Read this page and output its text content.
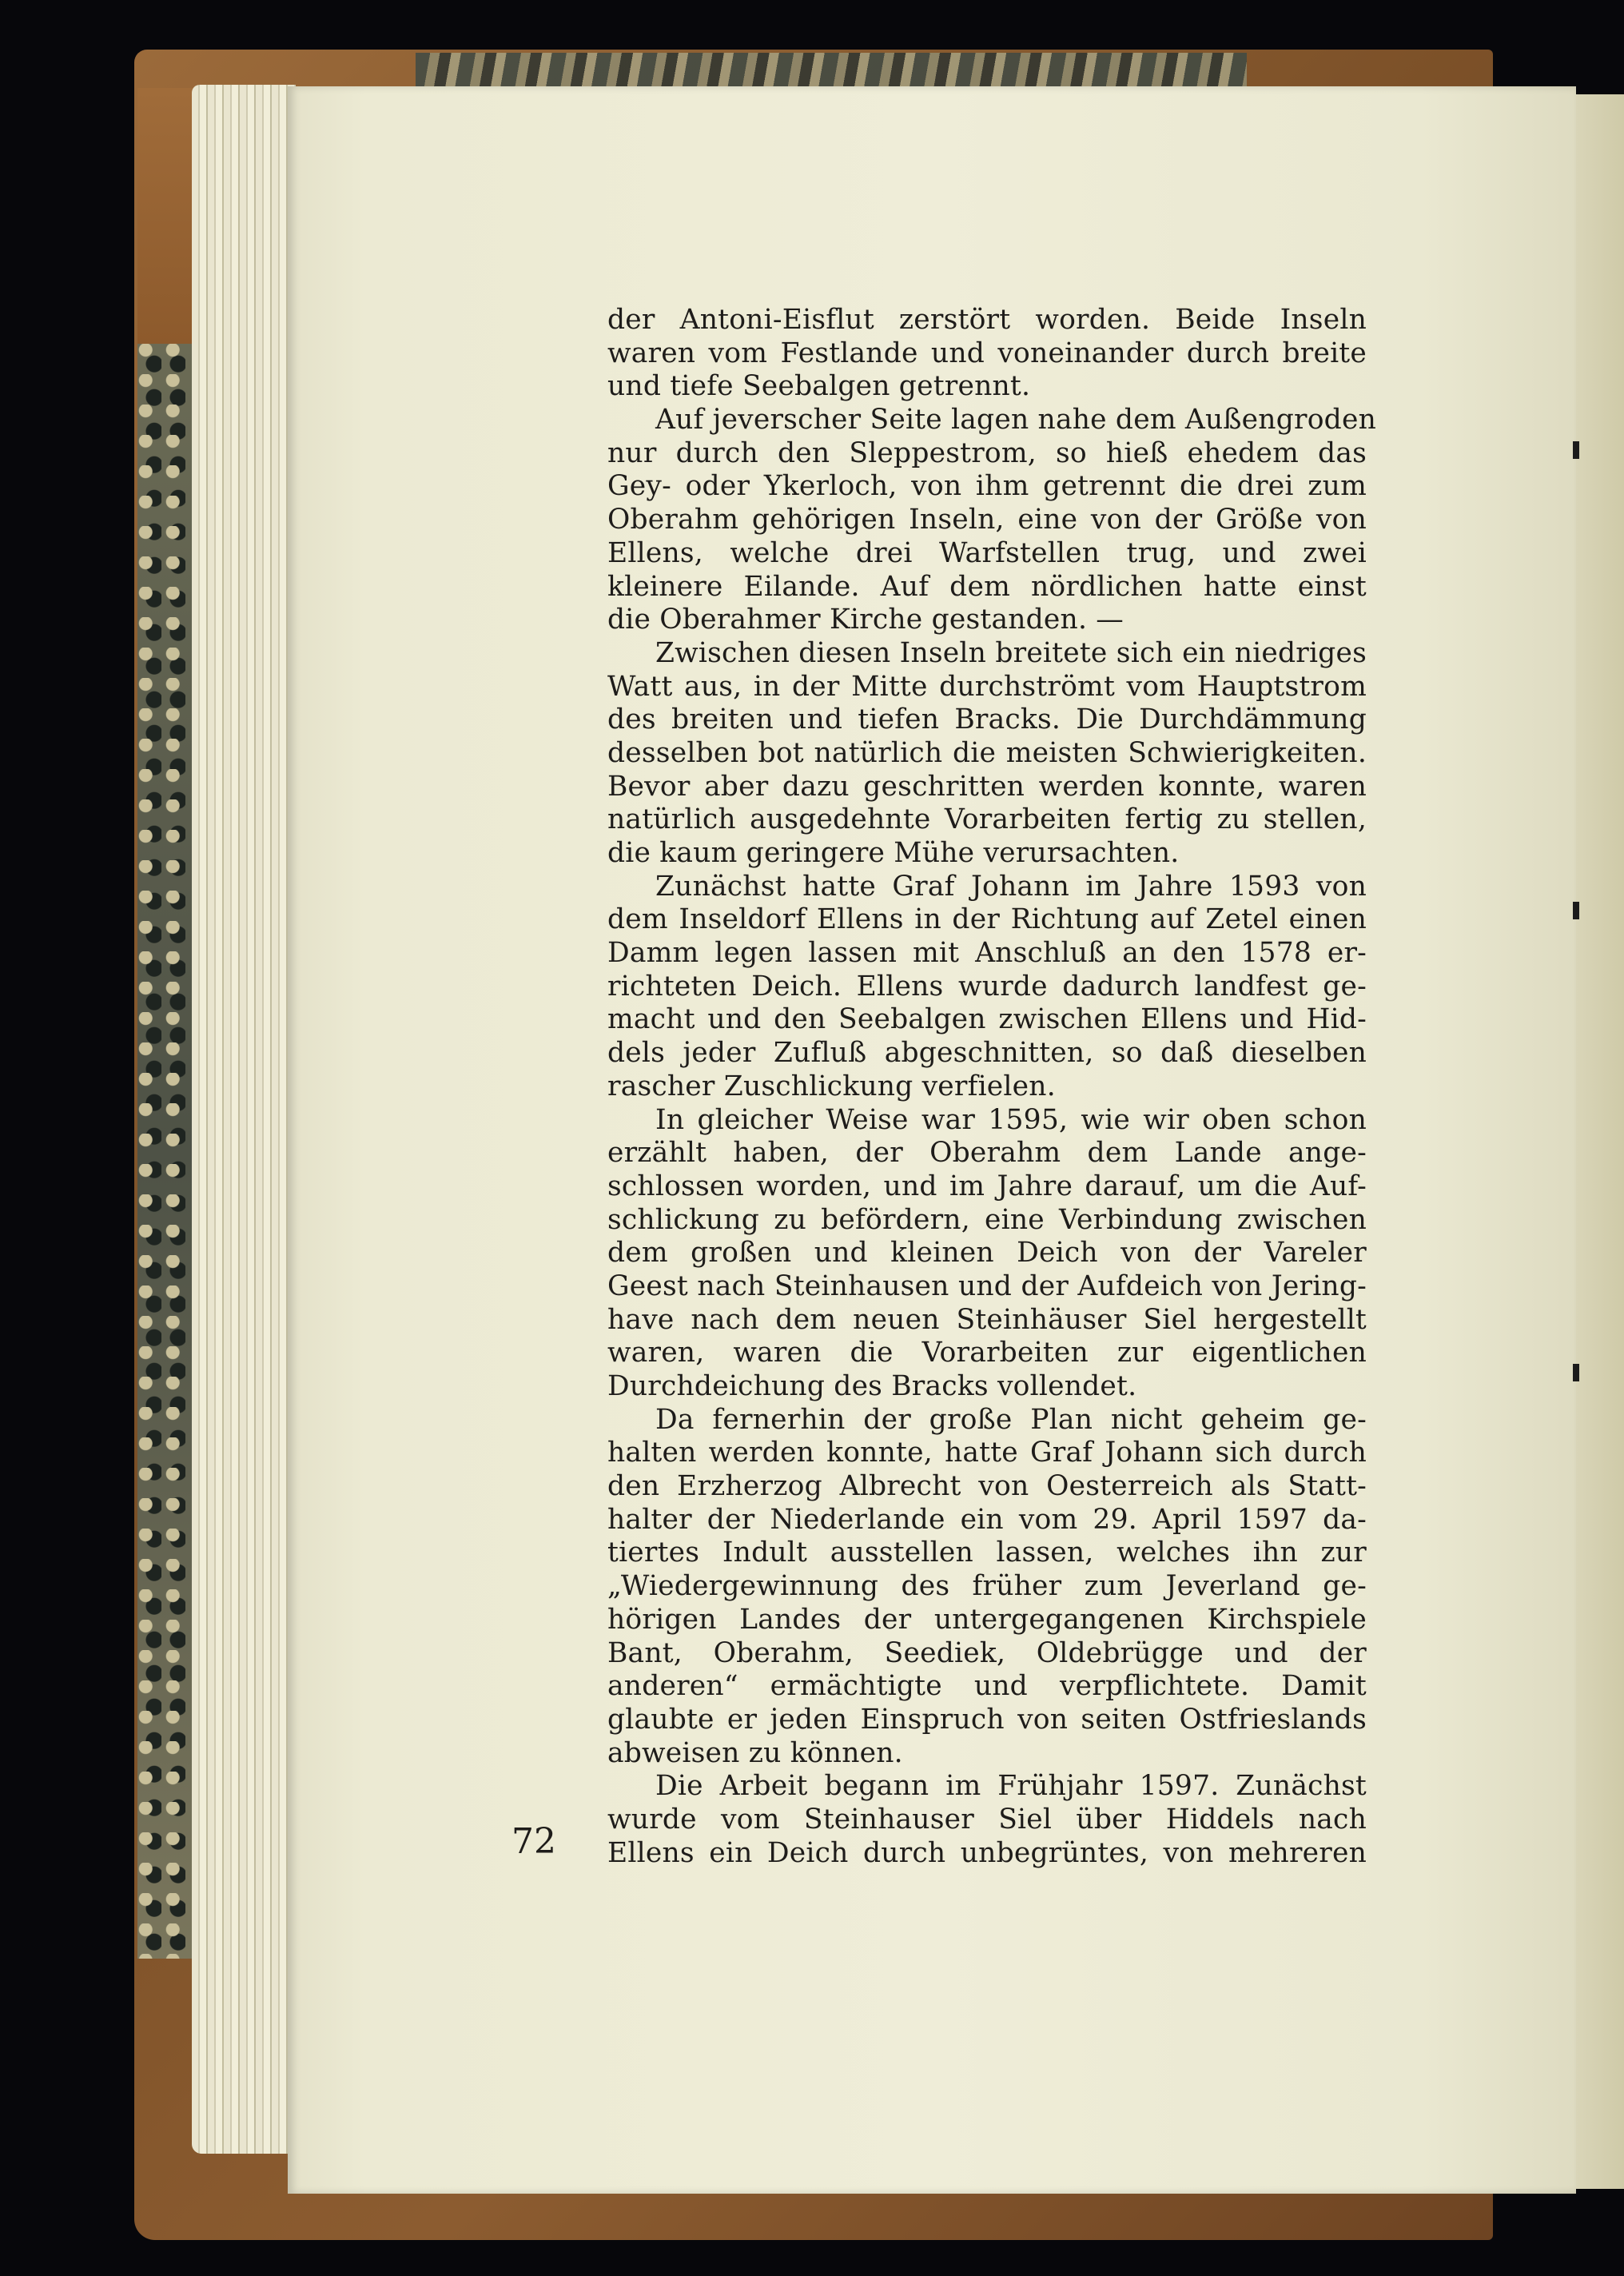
der Antoni-Eisflut zerstört worden. Beide Inseln
waren vom Festlande und voneinander durch breite
und tiefe Seebalgen getrennt.
Auf jeverscher Seite lagen nahe dem Außengroden
nur durch den Sleppestrom, so hieß ehedem das
Gey- oder Ykerloch, von ihm getrennt die drei zum
Oberahm gehörigen Inseln, eine von der Größe von
Ellens, welche drei Warfstellen trug, und zwei
kleinere Eilande. Auf dem nördlichen hatte einst
die Oberahmer Kirche gestanden. —
Zwischen diesen Inseln breitete sich ein niedriges
Watt aus, in der Mitte durchströmt vom Hauptstrom
des breiten und tiefen Bracks. Die Durchdämmung
desselben bot natürlich die meisten Schwierigkeiten.
Bevor aber dazu geschritten werden konnte, waren
natürlich ausgedehnte Vorarbeiten fertig zu stellen,
die kaum geringere Mühe verursachten.
Zunächst hatte Graf Johann im Jahre 1593 von
dem Inseldorf Ellens in der Richtung auf Zetel einen
Damm legen lassen mit Anschluß an den 1578 er-
richteten Deich. Ellens wurde dadurch landfest ge-
macht und den Seebalgen zwischen Ellens und Hid-
dels jeder Zufluß abgeschnitten, so daß dieselben
rascher Zuschlickung verfielen.
In gleicher Weise war 1595, wie wir oben schon
erzählt haben, der Oberahm dem Lande ange-
schlossen worden, und im Jahre darauf, um die Auf-
schlickung zu befördern, eine Verbindung zwischen
dem großen und kleinen Deich von der Vareler
Geest nach Steinhausen und der Aufdeich von Jering-
have nach dem neuen Steinhäuser Siel hergestellt
waren, waren die Vorarbeiten zur eigentlichen
Durchdeichung des Bracks vollendet.
Da fernerhin der große Plan nicht geheim ge-
halten werden konnte, hatte Graf Johann sich durch
den Erzherzog Albrecht von Oesterreich als Statt-
halter der Niederlande ein vom 29. April 1597 da-
tiertes Indult ausstellen lassen, welches ihn zur
„Wiedergewinnung des früher zum Jeverland ge-
hörigen Landes der untergegangenen Kirchspiele
Bant, Oberahm, Seediek, Oldebrügge und der
anderen“ ermächtigte und verpflichtete. Damit
glaubte er jeden Einspruch von seiten Ostfrieslands
abweisen zu können.
Die Arbeit begann im Frühjahr 1597. Zunächst
wurde vom Steinhauser Siel über Hiddels nach
Ellens ein Deich durch unbegrüntes, von mehreren
72
